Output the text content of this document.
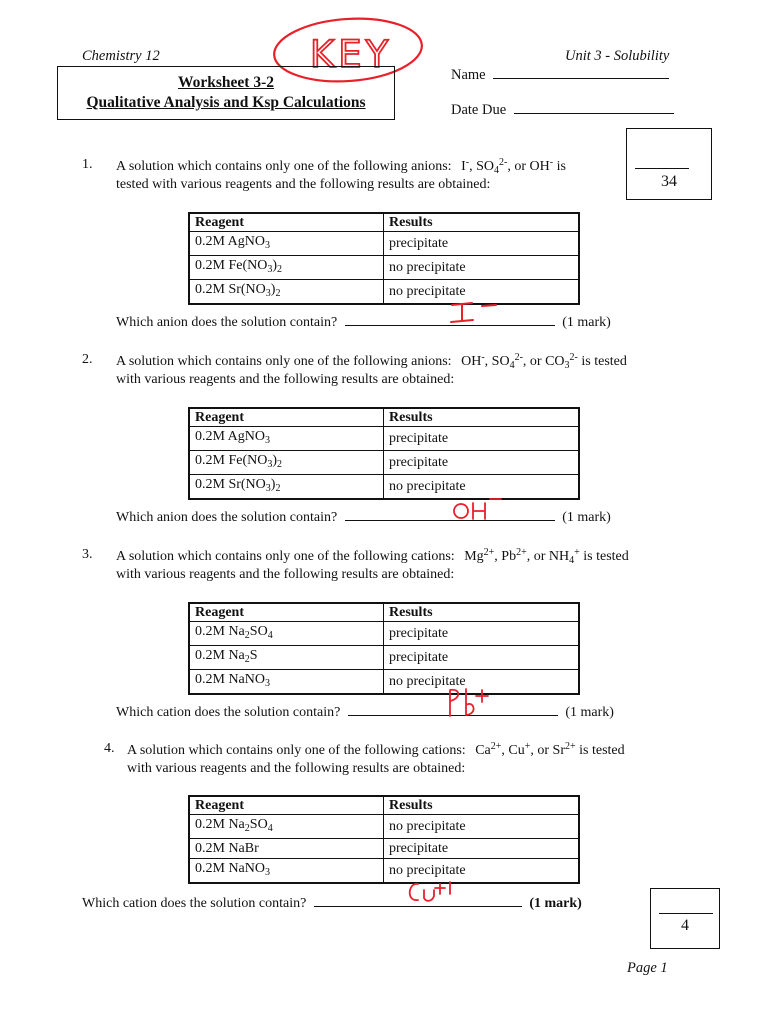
Chemistry 12	Unit 3 - Solubility
KEY
Worksheet 3-2
Qualitative Analysis and Ksp Calculations
Name
Date Due
34
1. A solution which contains only one of the following anions: I-, $SO_4^{2-}$, or OH- is
tested with various reagents and the following results are obtained:
Reagent	Results
0.2M AgNO$_3$	precipitate
0.2M $Fe(NO_3)_2$	no precipitate
0.2M $Sr(NO_3)_2$	no precipitate
Which anion does the solution contain?	(1 mark)
2. A solution which contains only one of the following anions: OH-, $SO_4^{2-}$, or $CO_3^{2-}$ is tested
with various reagents and the following results are obtained:
Reagent	Results
0.2M AgNO$_3$	precipitate
0.2M $Fe(NO_3)_2$	precipitate
0.2M $Sr(NO_3)_2$	no precipitate
Which anion does the solution contain?	(1 mark)
3. A solution which contains only one of the following cations: $Mg^{2+}$, $Pb^{2+}$, or $NH_4^+$ is tested
with various reagents and the following results are obtained:
Reagent	Results
0.2M $Na_2SO_4$	precipitate
0.2M $Na_2S$	precipitate
0.2M NaNO$_3$	no precipitate
Which cation does the solution contain?	(1 mark)
4. A solution which contains only one of the following cations: $Ca^{2+}$, Cu+, or $Sr^{2+}$ is tested
with various reagents and the following results are obtained:
Reagent	Results
0.2M $Na_2SO_4$	no precipitate
0.2M NaBr	precipitate
0.2M NaNO$_3$	no precipitate
Which cation does the solution contain?	(1 mark)
4
Page 1
